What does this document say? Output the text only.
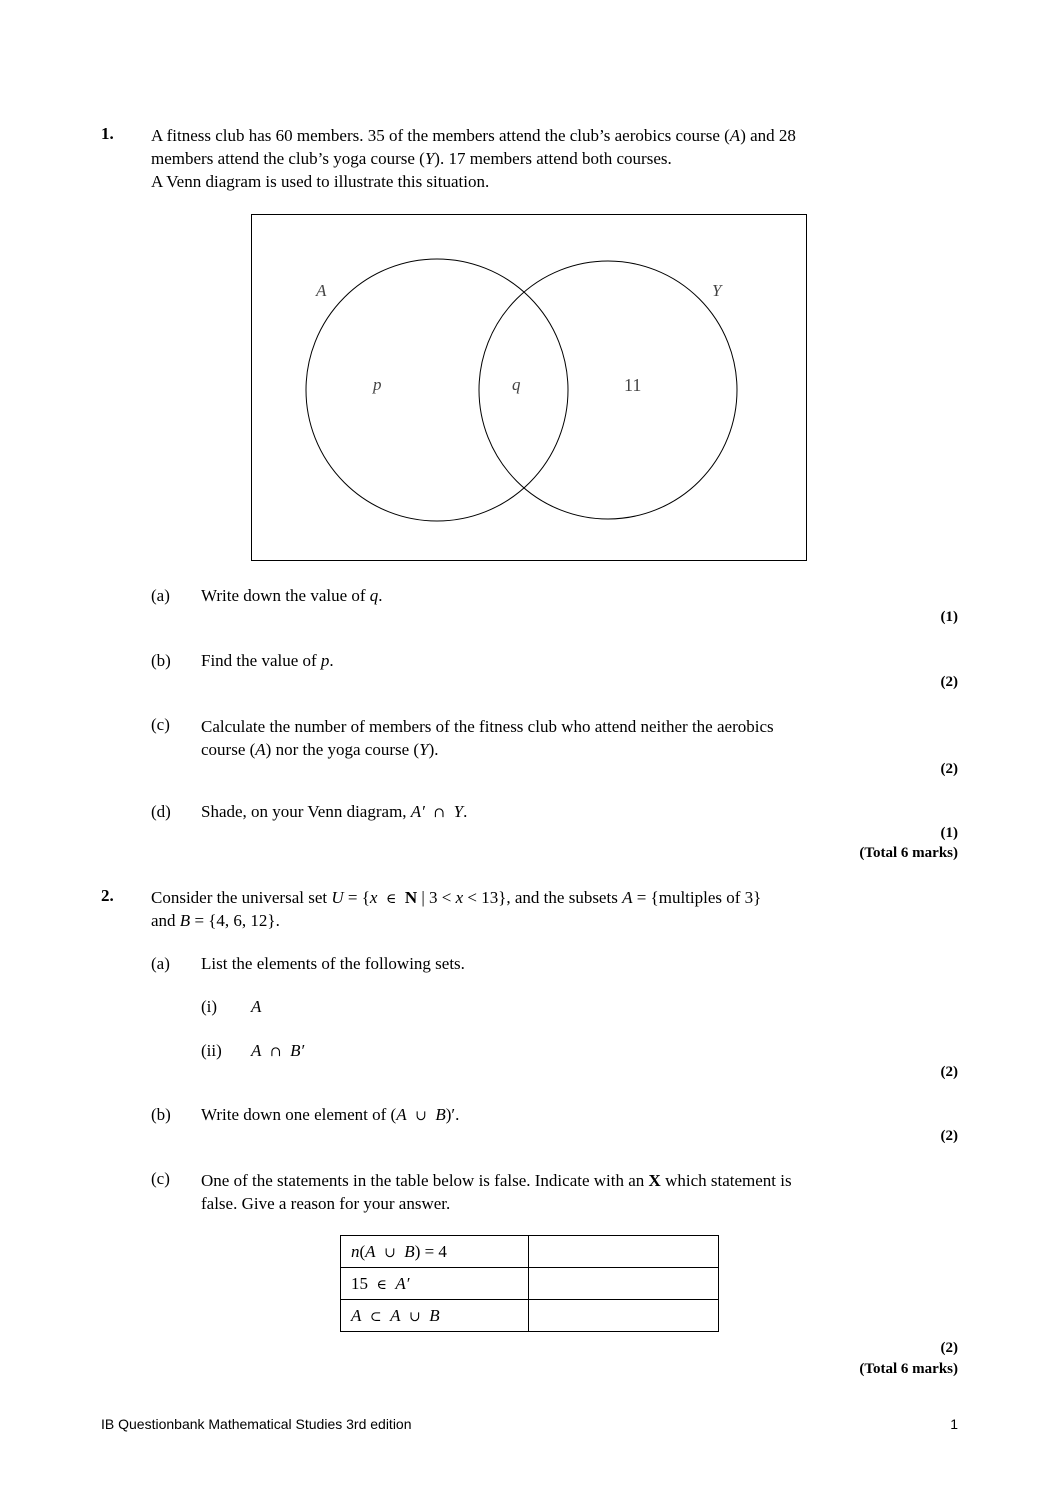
1. A fitness club has 60 members. 35 of the members attend the club’s aerobics course (A) and 28
members attend the club’s yoga course (Y). 17 members attend both courses.
A Venn diagram is used to illustrate this situation.
A	Y
p	q	11
(a) Write down the value of q.
(1)
(b) Find the value of p.
(2)
(c) Calculate the number of members of the fitness club who attend neither the aerobics
course (A) nor the yoga course (Y).
(2)
(d) Shade, on your Venn diagram, A′ ∩ Y.
(1)
(Total 6 marks)
2. Consider the universal set U = {x ∈ N | 3 < x < 13}, and the subsets A = {multiples of 3}
and B = {4, 6, 12}.
(a) List the elements of the following sets.
(i) A
(ii) A ∩ B′
(2)
(b) Write down one element of (A ∪ B)′.
(2)
(c) One of the statements in the table below is false. Indicate with an X which statement is
false. Give a reason for your answer.
n(A ∪ B) = 4	
15  ∈ A′	
A ⊂ A ∪ B	
(2)
(Total 6 marks)
IB Questionbank Mathematical Studies 3rd edition	1
